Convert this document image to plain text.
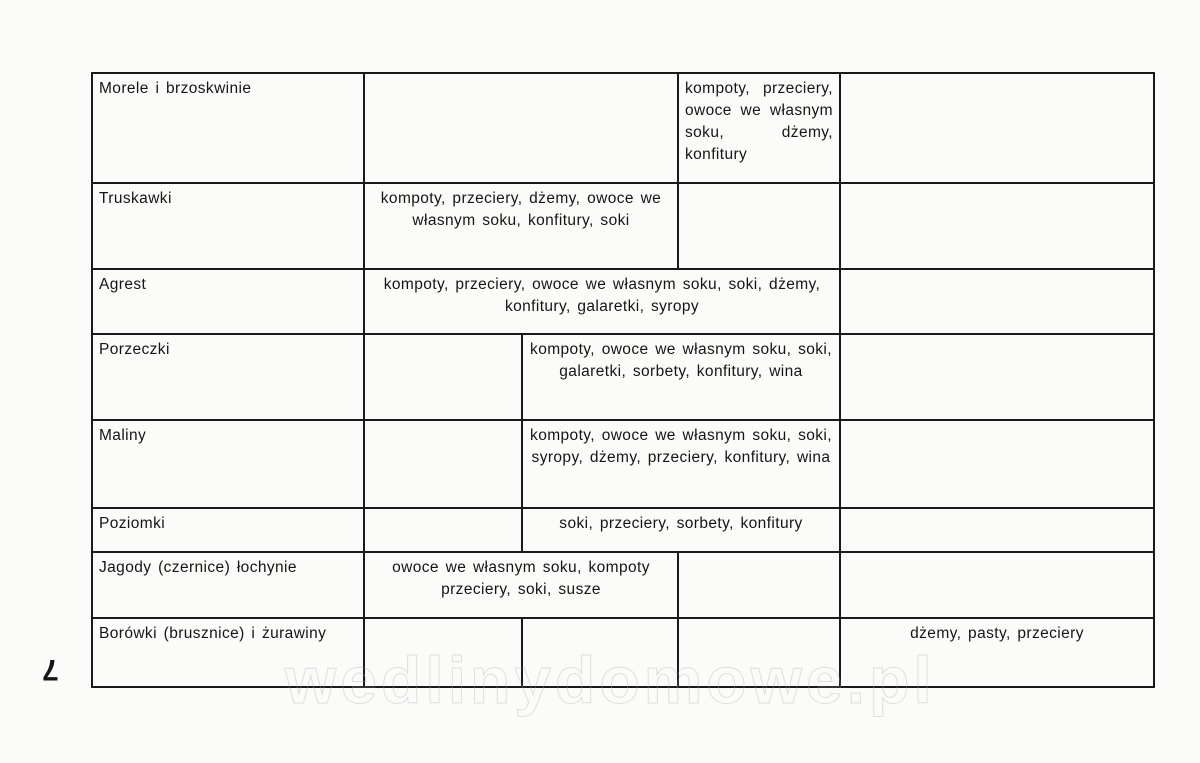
Morele i brzoskwinie			kompoty, przeciery, owoce we własnym soku, dżemy, konfitury	
Truskawki	kompoty, przeciery, dżemy, owoce we własnym soku, konfitury, soki			
Agrest	kompoty, przeciery, owoce we własnym soku, soki, dżemy, konfitury, galaretki, syropy			
Porzeczki		kompoty, owoce we własnym soku, soki, galaretki, sorbety, konfitury, wina		
Maliny		kompoty, owoce we własnym soku, soki, syropy, dżemy, przeciery, konfitury, wina		
Poziomki		soki, przeciery, sorbety, konfitury		
Jagody (czernice) łochynie	owoce we własnym soku, kompoty przeciery, soki, susze			
Borówki (brusznice) i żurawiny				dżemy, pasty, przeciery
7	wedlinydomowe.pl
